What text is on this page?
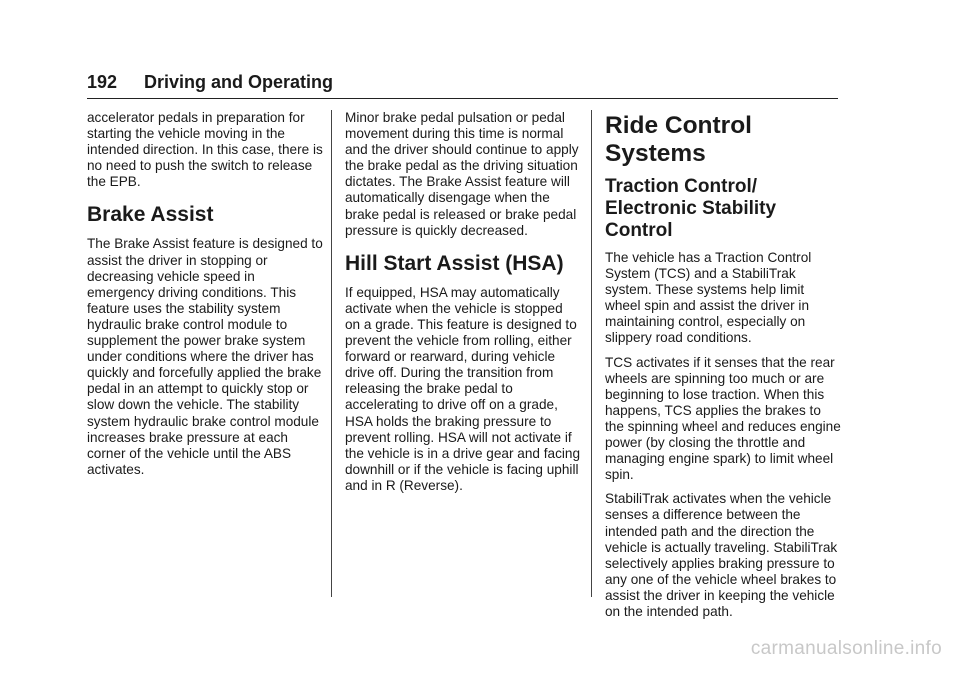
192 Driving and Operating

accelerator pedals in preparation for starting the vehicle moving in the intended direction. In this case, there is no need to push the switch to release the EPB.

Brake Assist

The Brake Assist feature is designed to assist the driver in stopping or decreasing vehicle speed in emergency driving conditions. This feature uses the stability system hydraulic brake control module to supplement the power brake system under conditions where the driver has quickly and forcefully applied the brake pedal in an attempt to quickly stop or slow down the vehicle. The stability system hydraulic brake control module increases brake pressure at each corner of the vehicle until the ABS activates.

Minor brake pedal pulsation or pedal movement during this time is normal and the driver should continue to apply the brake pedal as the driving situation dictates. The Brake Assist feature will automatically disengage when the brake pedal is released or brake pedal pressure is quickly decreased.

Hill Start Assist (HSA)

If equipped, HSA may automatically activate when the vehicle is stopped on a grade. This feature is designed to prevent the vehicle from rolling, either forward or rearward, during vehicle drive off. During the transition from releasing the brake pedal to accelerating to drive off on a grade, HSA holds the braking pressure to prevent rolling. HSA will not activate if the vehicle is in a drive gear and facing downhill or if the vehicle is facing uphill and in R (Reverse).

Ride Control Systems
Traction Control/ Electronic Stability Control

The vehicle has a Traction Control System (TCS) and a StabiliTrak system. These systems help limit wheel spin and assist the driver in maintaining control, especially on slippery road conditions.

TCS activates if it senses that the rear wheels are spinning too much or are beginning to lose traction. When this happens, TCS applies the brakes to the spinning wheel and reduces engine power (by closing the throttle and managing engine spark) to limit wheel spin.

StabiliTrak activates when the vehicle senses a difference between the intended path and the direction the vehicle is actually traveling. StabiliTrak selectively applies braking pressure to any one of the vehicle wheel brakes to assist the driver in keeping the vehicle on the intended path.

carmanualsonline.info
